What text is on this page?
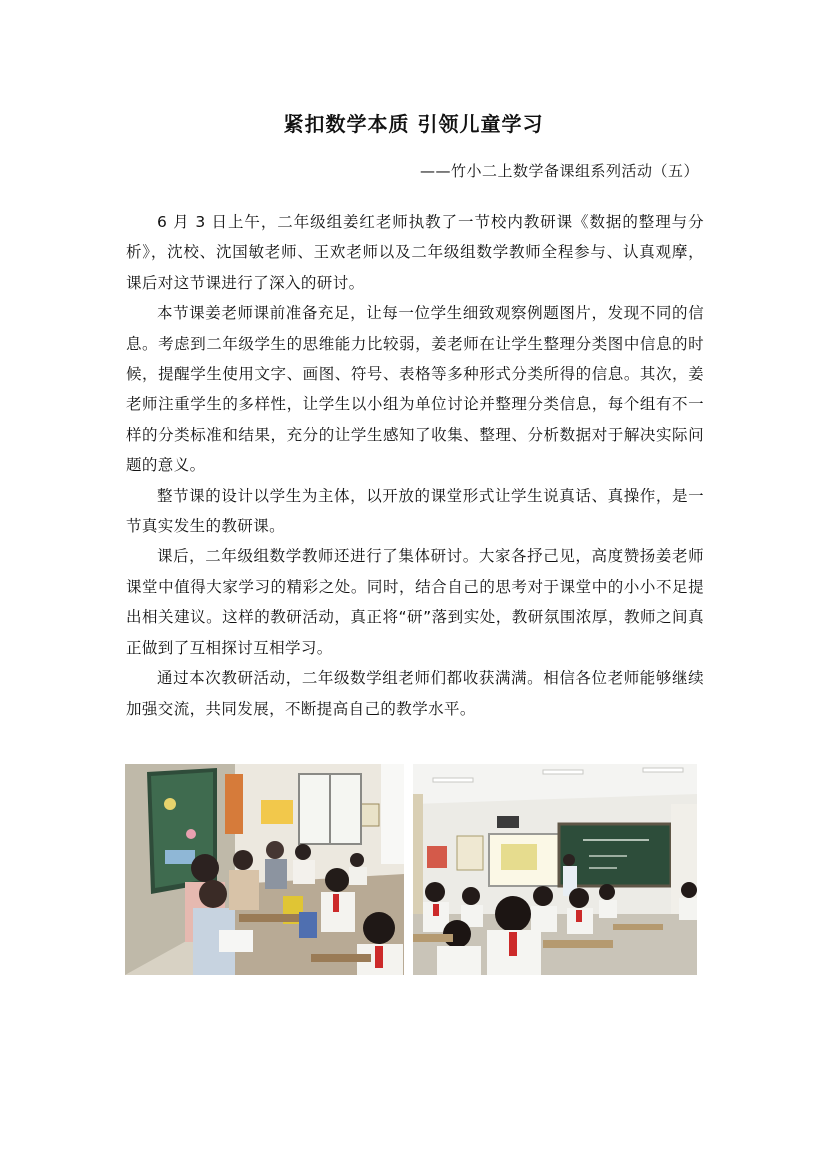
紧扣数学本质 引领儿童学习
——竹小二上数学备课组系列活动（五）

6 月 3 日上午，二年级组姜红老师执教了一节校内教研课《数据的整理与分析》，沈校、沈国敏老师、王欢老师以及二年级组数学教师全程参与、认真观摩，课后对这节课进行了深入的研讨。

本节课姜老师课前准备充足，让每一位学生细致观察例题图片，发现不同的信息。考虑到二年级学生的思维能力比较弱，姜老师在让学生整理分类图中信息的时候，提醒学生使用文字、画图、符号、表格等多种形式分类所得的信息。其次，姜老师注重学生的多样性，让学生以小组为单位讨论并整理分类信息，每个组有不一样的分类标准和结果，充分的让学生感知了收集、整理、分析数据对于解决实际问题的意义。

整节课的设计以学生为主体，以开放的课堂形式让学生说真话、真操作，是一节真实发生的教研课。

课后，二年级组数学教师还进行了集体研讨。大家各抒己见，高度赞扬姜老师课堂中值得大家学习的精彩之处。同时，结合自己的思考对于课堂中的小小不足提出相关建议。这样的教研活动，真正将“研”落到实处，教研氛围浓厚，教师之间真正做到了互相探讨互相学习。

通过本次教研活动，二年级数学组老师们都收获满满。相信各位老师能够继续加强交流，共同发展，不断提高自己的教学水平。
